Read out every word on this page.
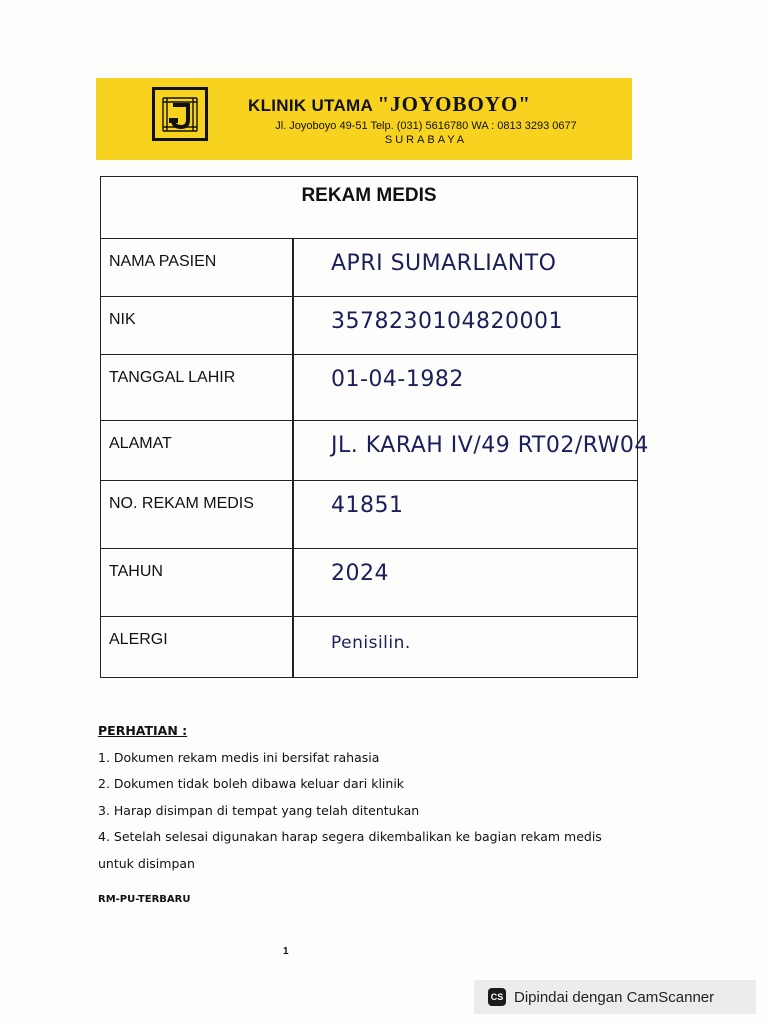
KLINIK UTAMA "JOYOBOYO"
Jl. Joyoboyo 49-51 Telp. (031) 5616780 WA : 0813 3293 0677
SURABAYA
REKAM MEDIS
NAMA PASIEN	APRI SUMARLIANTO
NIK	3578230104820001
TANGGAL LAHIR	01-04-1982
ALAMAT	JL. KARAH IV/49 RT02/RW04
NO. REKAM MEDIS	41851
TAHUN	2024
ALERGI	Penisilin.
PERHATIAN :
1. Dokumen rekam medis ini bersifat rahasia
2. Dokumen tidak boleh dibawa keluar dari klinik
3. Harap disimpan di tempat yang telah ditentukan
4. Setelah selesai digunakan harap segera dikembalikan ke bagian rekam medis untuk disimpan
RM-PU-TERBARU
1
CS Dipindai dengan CamScanner
